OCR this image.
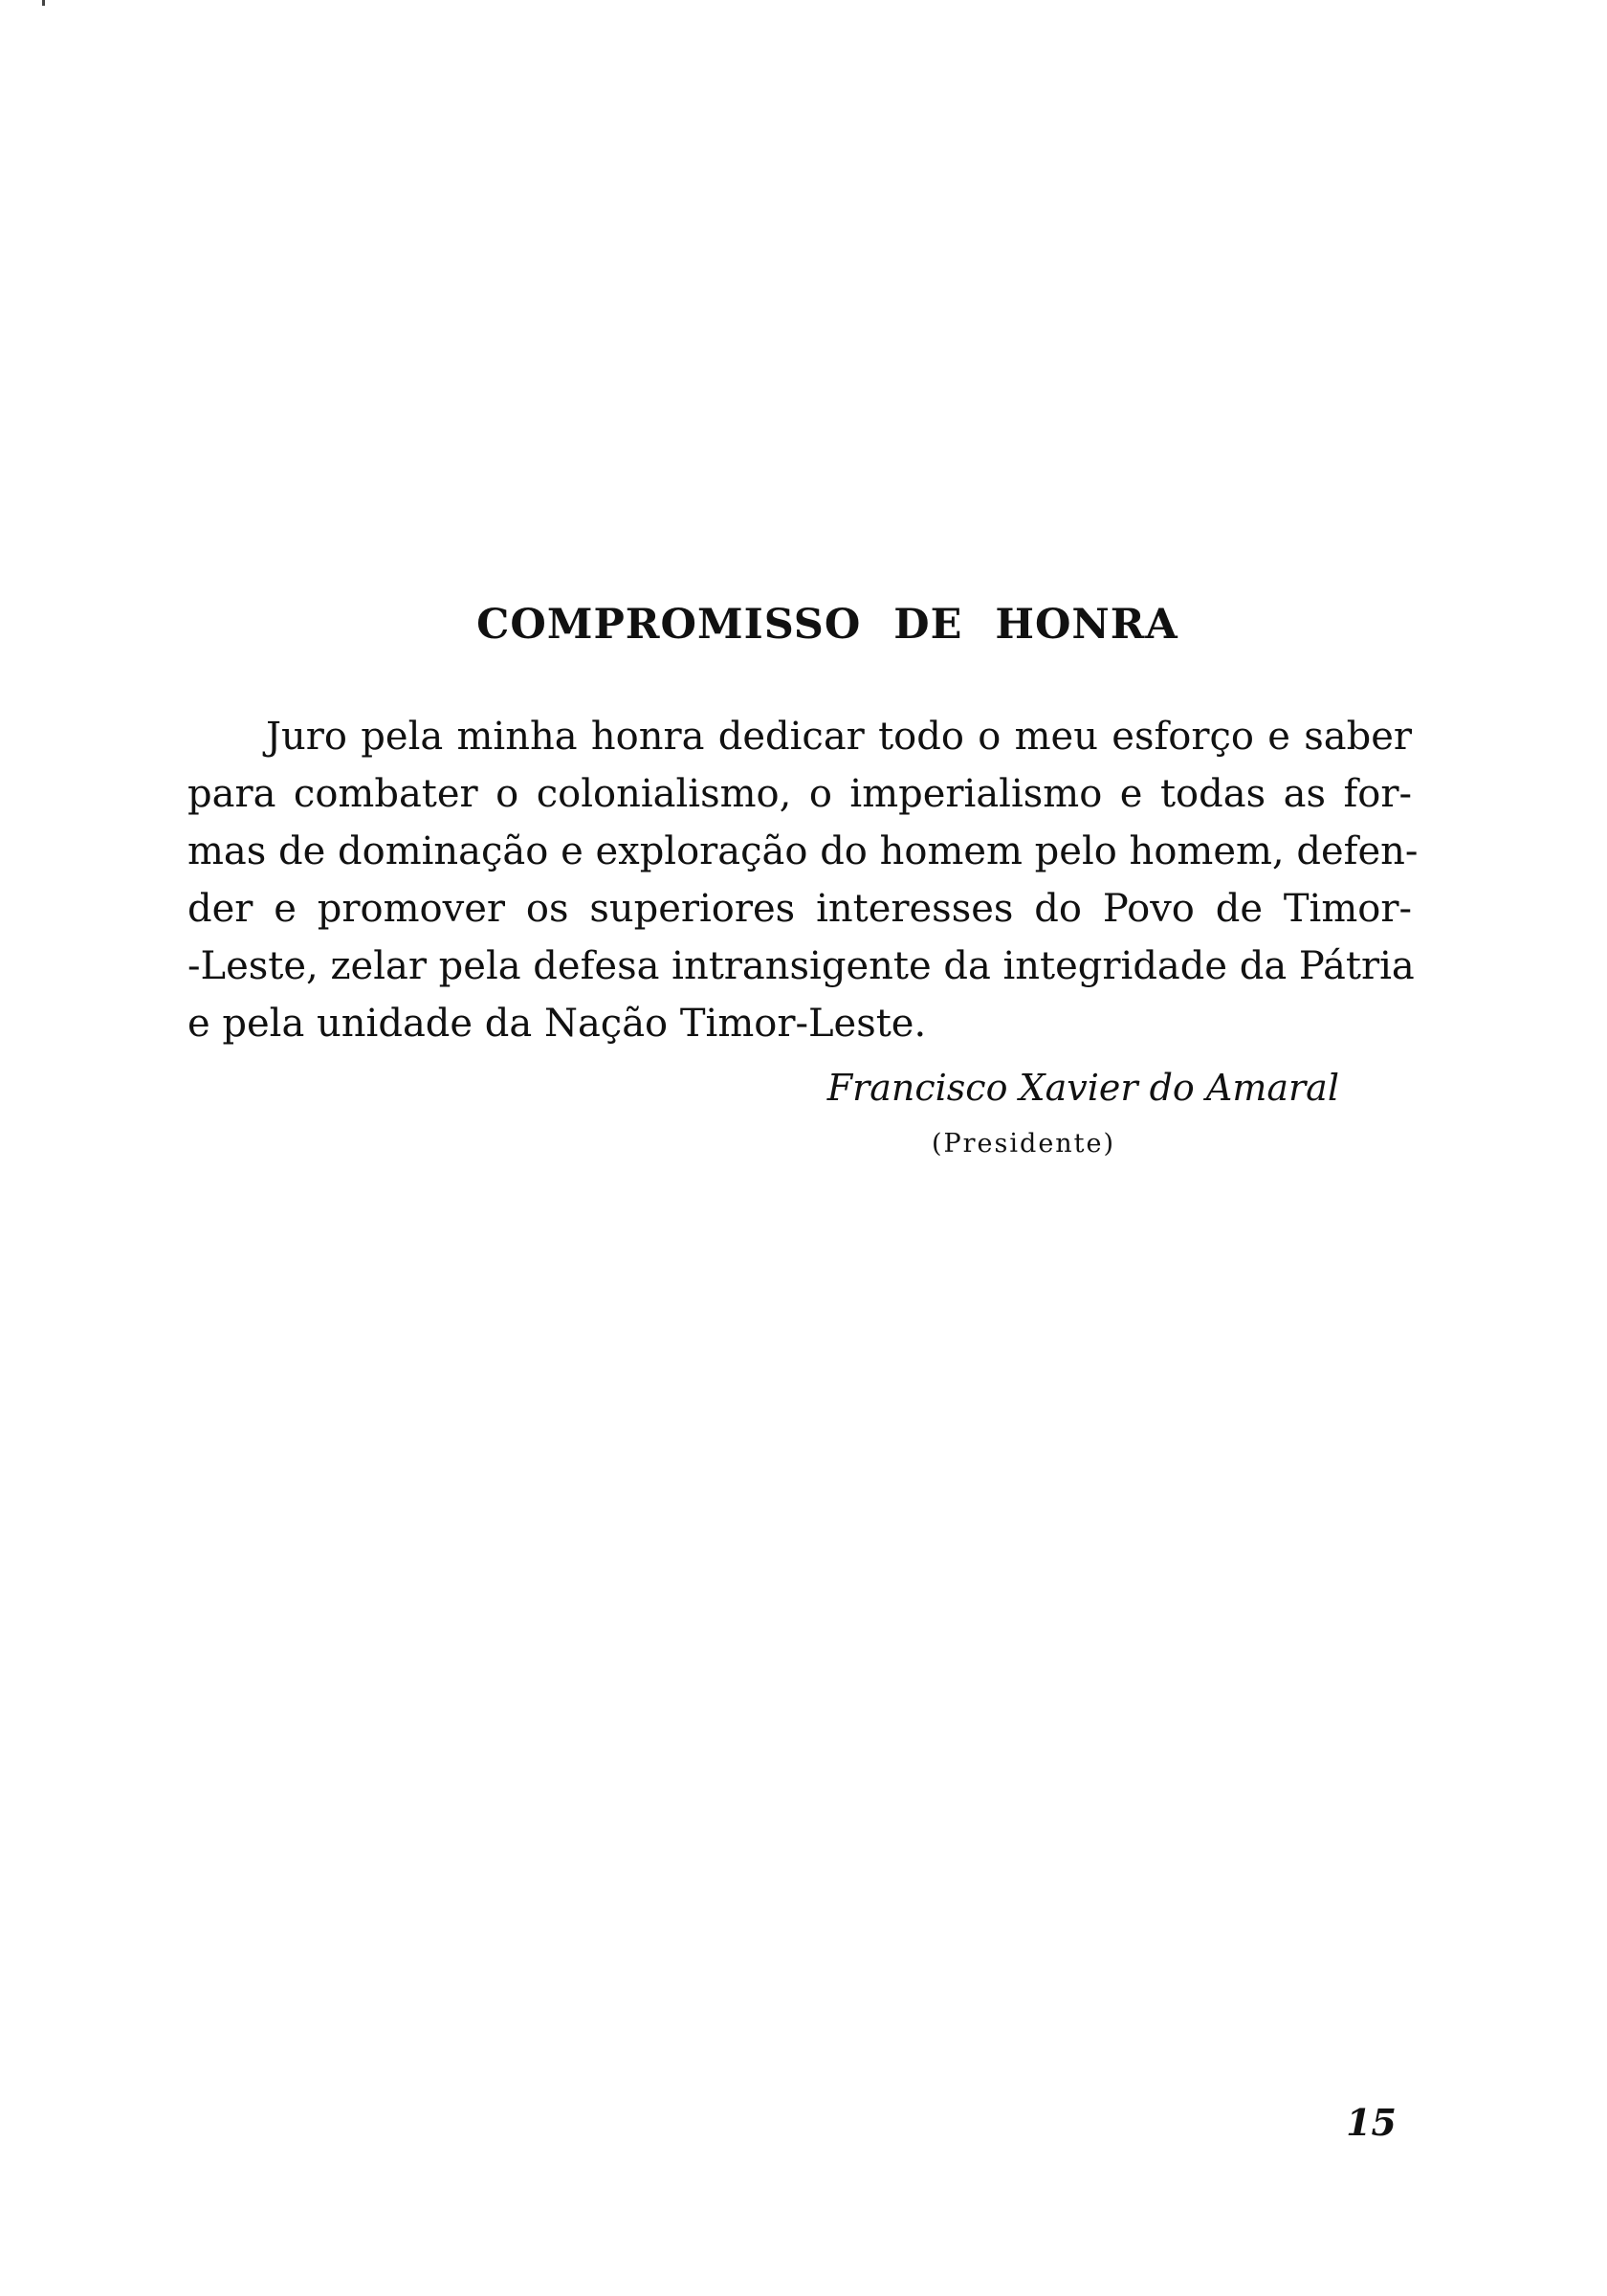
COMPROMISSO DE HONRA
Juro pela minha honra dedicar todo o meu esforço e saber
para combater o colonialismo, o imperialismo e todas as for-
mas de dominação e exploração do homem pelo homem, defen-
der e promover os superiores interesses do Povo de Timor-
-Leste, zelar pela defesa intransigente da integridade da Pátria
e pela unidade da Nação Timor-Leste.
Francisco Xavier do Amaral
(Presidente)
15
